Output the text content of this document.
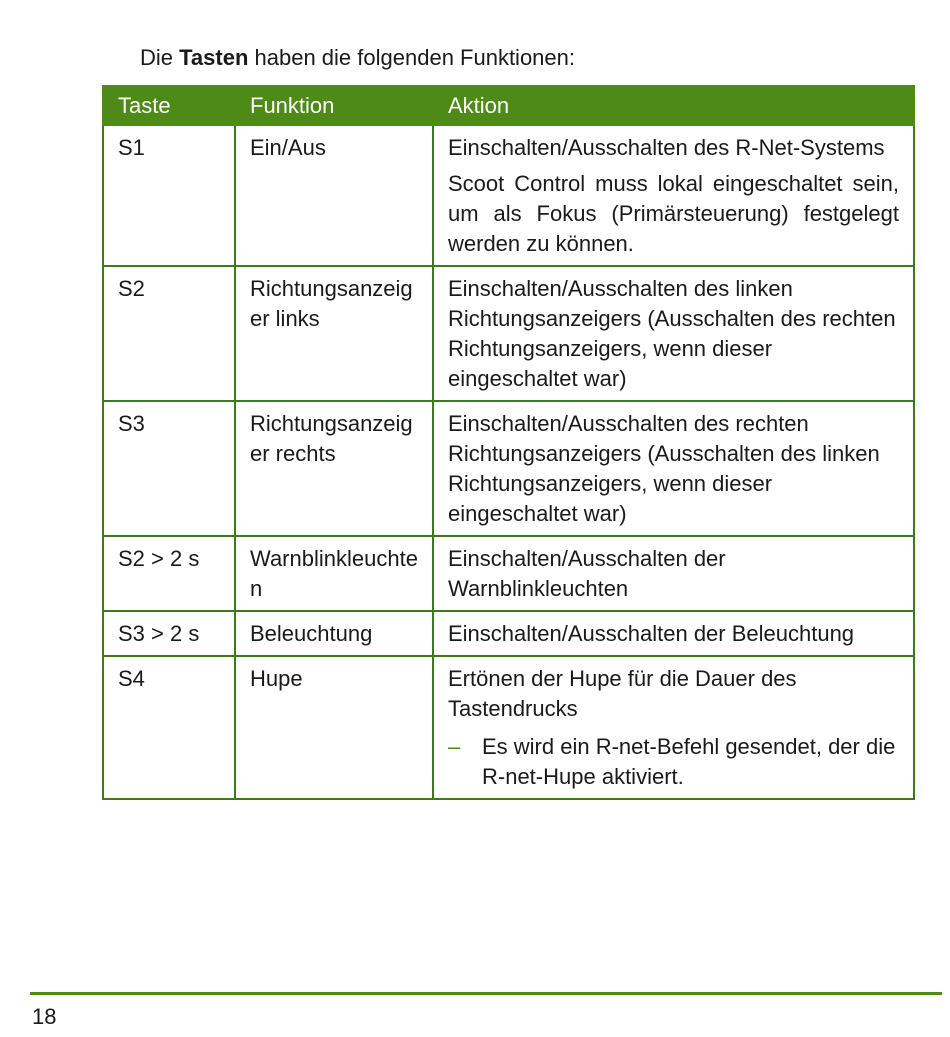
Die Tasten haben die folgenden Funktionen:
Taste	Funktion	Aktion
S1	Ein/Aus	Einschalten/Ausschalten des R-Net-Systems
Scoot Control muss lokal eingeschaltet sein, um als Fokus (Primärsteuerung) festgelegt werden zu können.

S2	Richtungsanzeiger links	Einschalten/Ausschalten des linken Richtungsanzeigers (Ausschalten des rechten Richtungsanzeigers, wenn dieser eingeschaltet war)
S3	Richtungsanzeiger rechts	Einschalten/Ausschalten des rechten Richtungsanzeigers (Ausschalten des linken Richtungsanzeigers, wenn dieser eingeschaltet war)
S2 > 2 s	Warnblinkleuchten	Einschalten/Ausschalten der Warnblinkleuchten
S3 > 2 s	Beleuchtung	Einschalten/Ausschalten der Beleuchtung
S4	Hupe	Ertönen der Hupe für die Dauer des Tastendrucks
– Es wird ein R-net-Befehl gesendet, der die R-net-Hupe aktiviert.
18
